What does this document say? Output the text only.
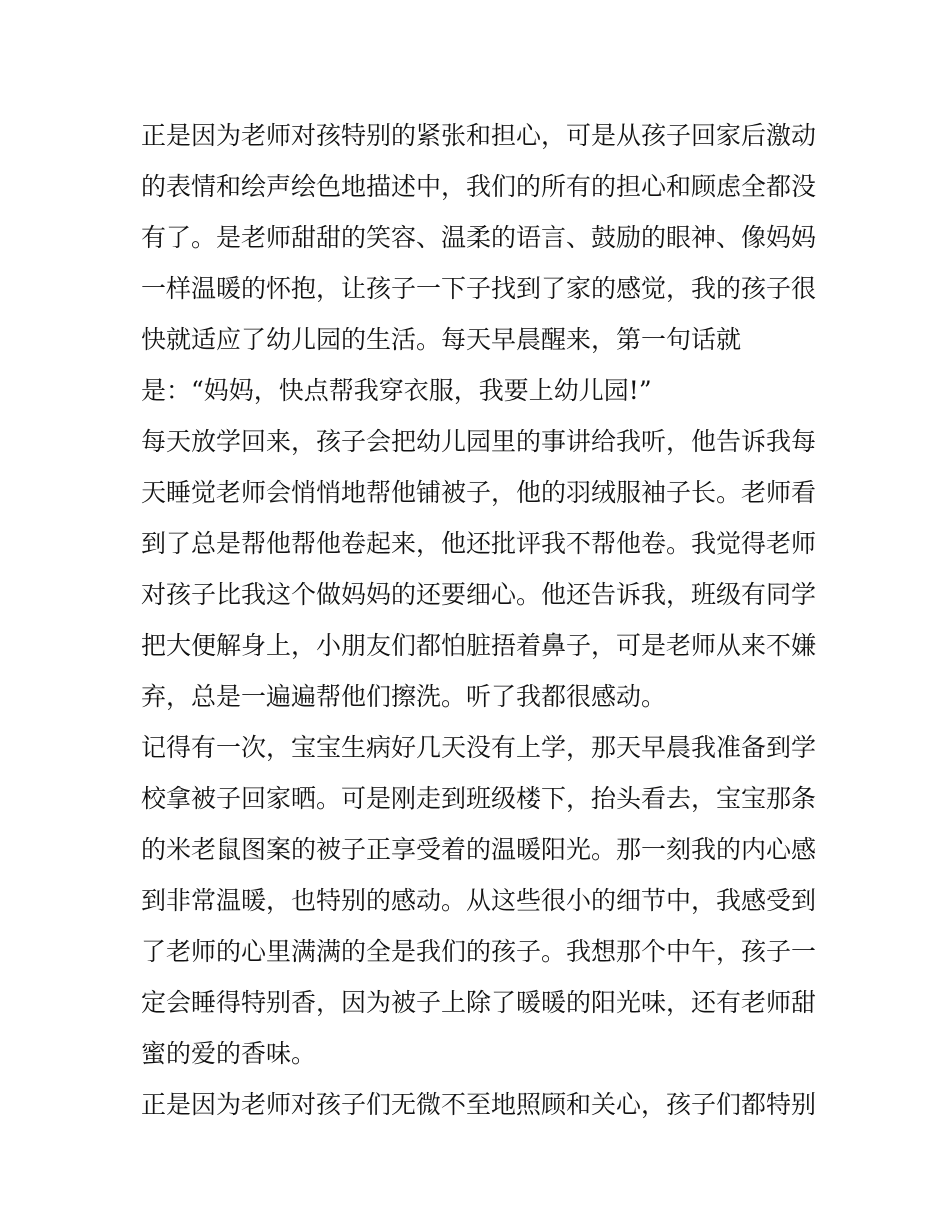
正是因为老师对孩特别的紧张和担心，可是从孩子回家后激动
的表情和绘声绘色地描述中，我们的所有的担心和顾虑全都没
有了。是老师甜甜的笑容、温柔的语言、鼓励的眼神、像妈妈
一样温暖的怀抱，让孩子一下子找到了家的感觉，我的孩子很
快就适应了幼儿园的生活。每天早晨醒来，第一句话就
是：“妈妈，快点帮我穿衣服，我要上幼儿园!”
每天放学回来，孩子会把幼儿园里的事讲给我听，他告诉我每
天睡觉老师会悄悄地帮他铺被子，他的羽绒服袖子长。老师看
到了总是帮他帮他卷起来，他还批评我不帮他卷。我觉得老师
对孩子比我这个做妈妈的还要细心。他还告诉我，班级有同学
把大便解身上，小朋友们都怕脏捂着鼻子，可是老师从来不嫌
弃，总是一遍遍帮他们擦洗。听了我都很感动。
记得有一次，宝宝生病好几天没有上学，那天早晨我准备到学
校拿被子回家晒。可是刚走到班级楼下，抬头看去，宝宝那条
的米老鼠图案的被子正享受着的温暖阳光。那一刻我的内心感
到非常温暖，也特别的感动。从这些很小的细节中，我感受到
了老师的心里满满的全是我们的孩子。我想那个中午，孩子一
定会睡得特别香，因为被子上除了暖暖的阳光味，还有老师甜
蜜的爱的香味。
正是因为老师对孩子们无微不至地照顾和关心，孩子们都特别
